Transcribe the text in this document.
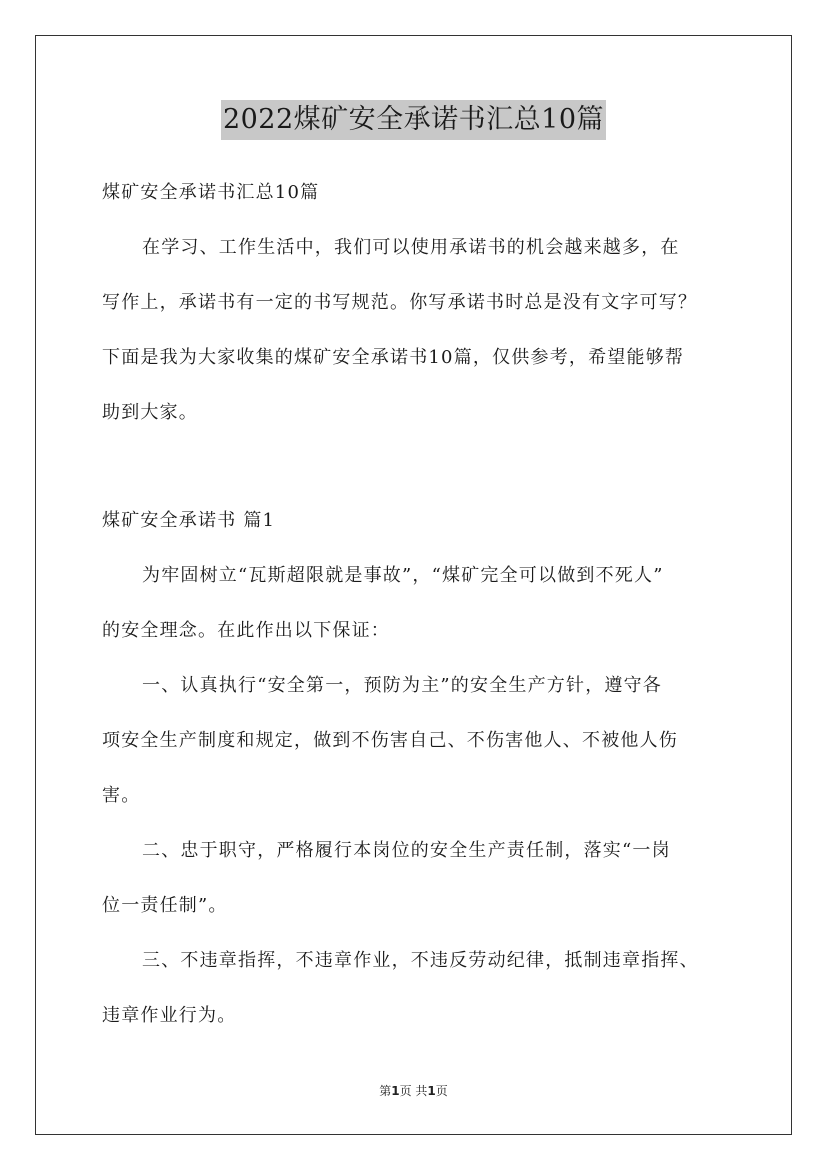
2022煤矿安全承诺书汇总10篇
煤矿安全承诺书汇总10篇
在学习、工作生活中，我们可以使用承诺书的机会越来越多，在
写作上，承诺书有一定的书写规范。你写承诺书时总是没有文字可写？
下面是我为大家收集的煤矿安全承诺书10篇，仅供参考，希望能够帮
助到大家。
煤矿安全承诺书 篇1
为牢固树立“瓦斯超限就是事故”，“煤矿完全可以做到不死人”
的安全理念。在此作出以下保证：
一、认真执行“安全第一，预防为主”的安全生产方针，遵守各
项安全生产制度和规定，做到不伤害自己、不伤害他人、不被他人伤
害。
二、忠于职守，严格履行本岗位的安全生产责任制，落实“一岗
位一责任制”。
三、不违章指挥，不违章作业，不违反劳动纪律，抵制违章指挥、
违章作业行为。
第1页 共1页
